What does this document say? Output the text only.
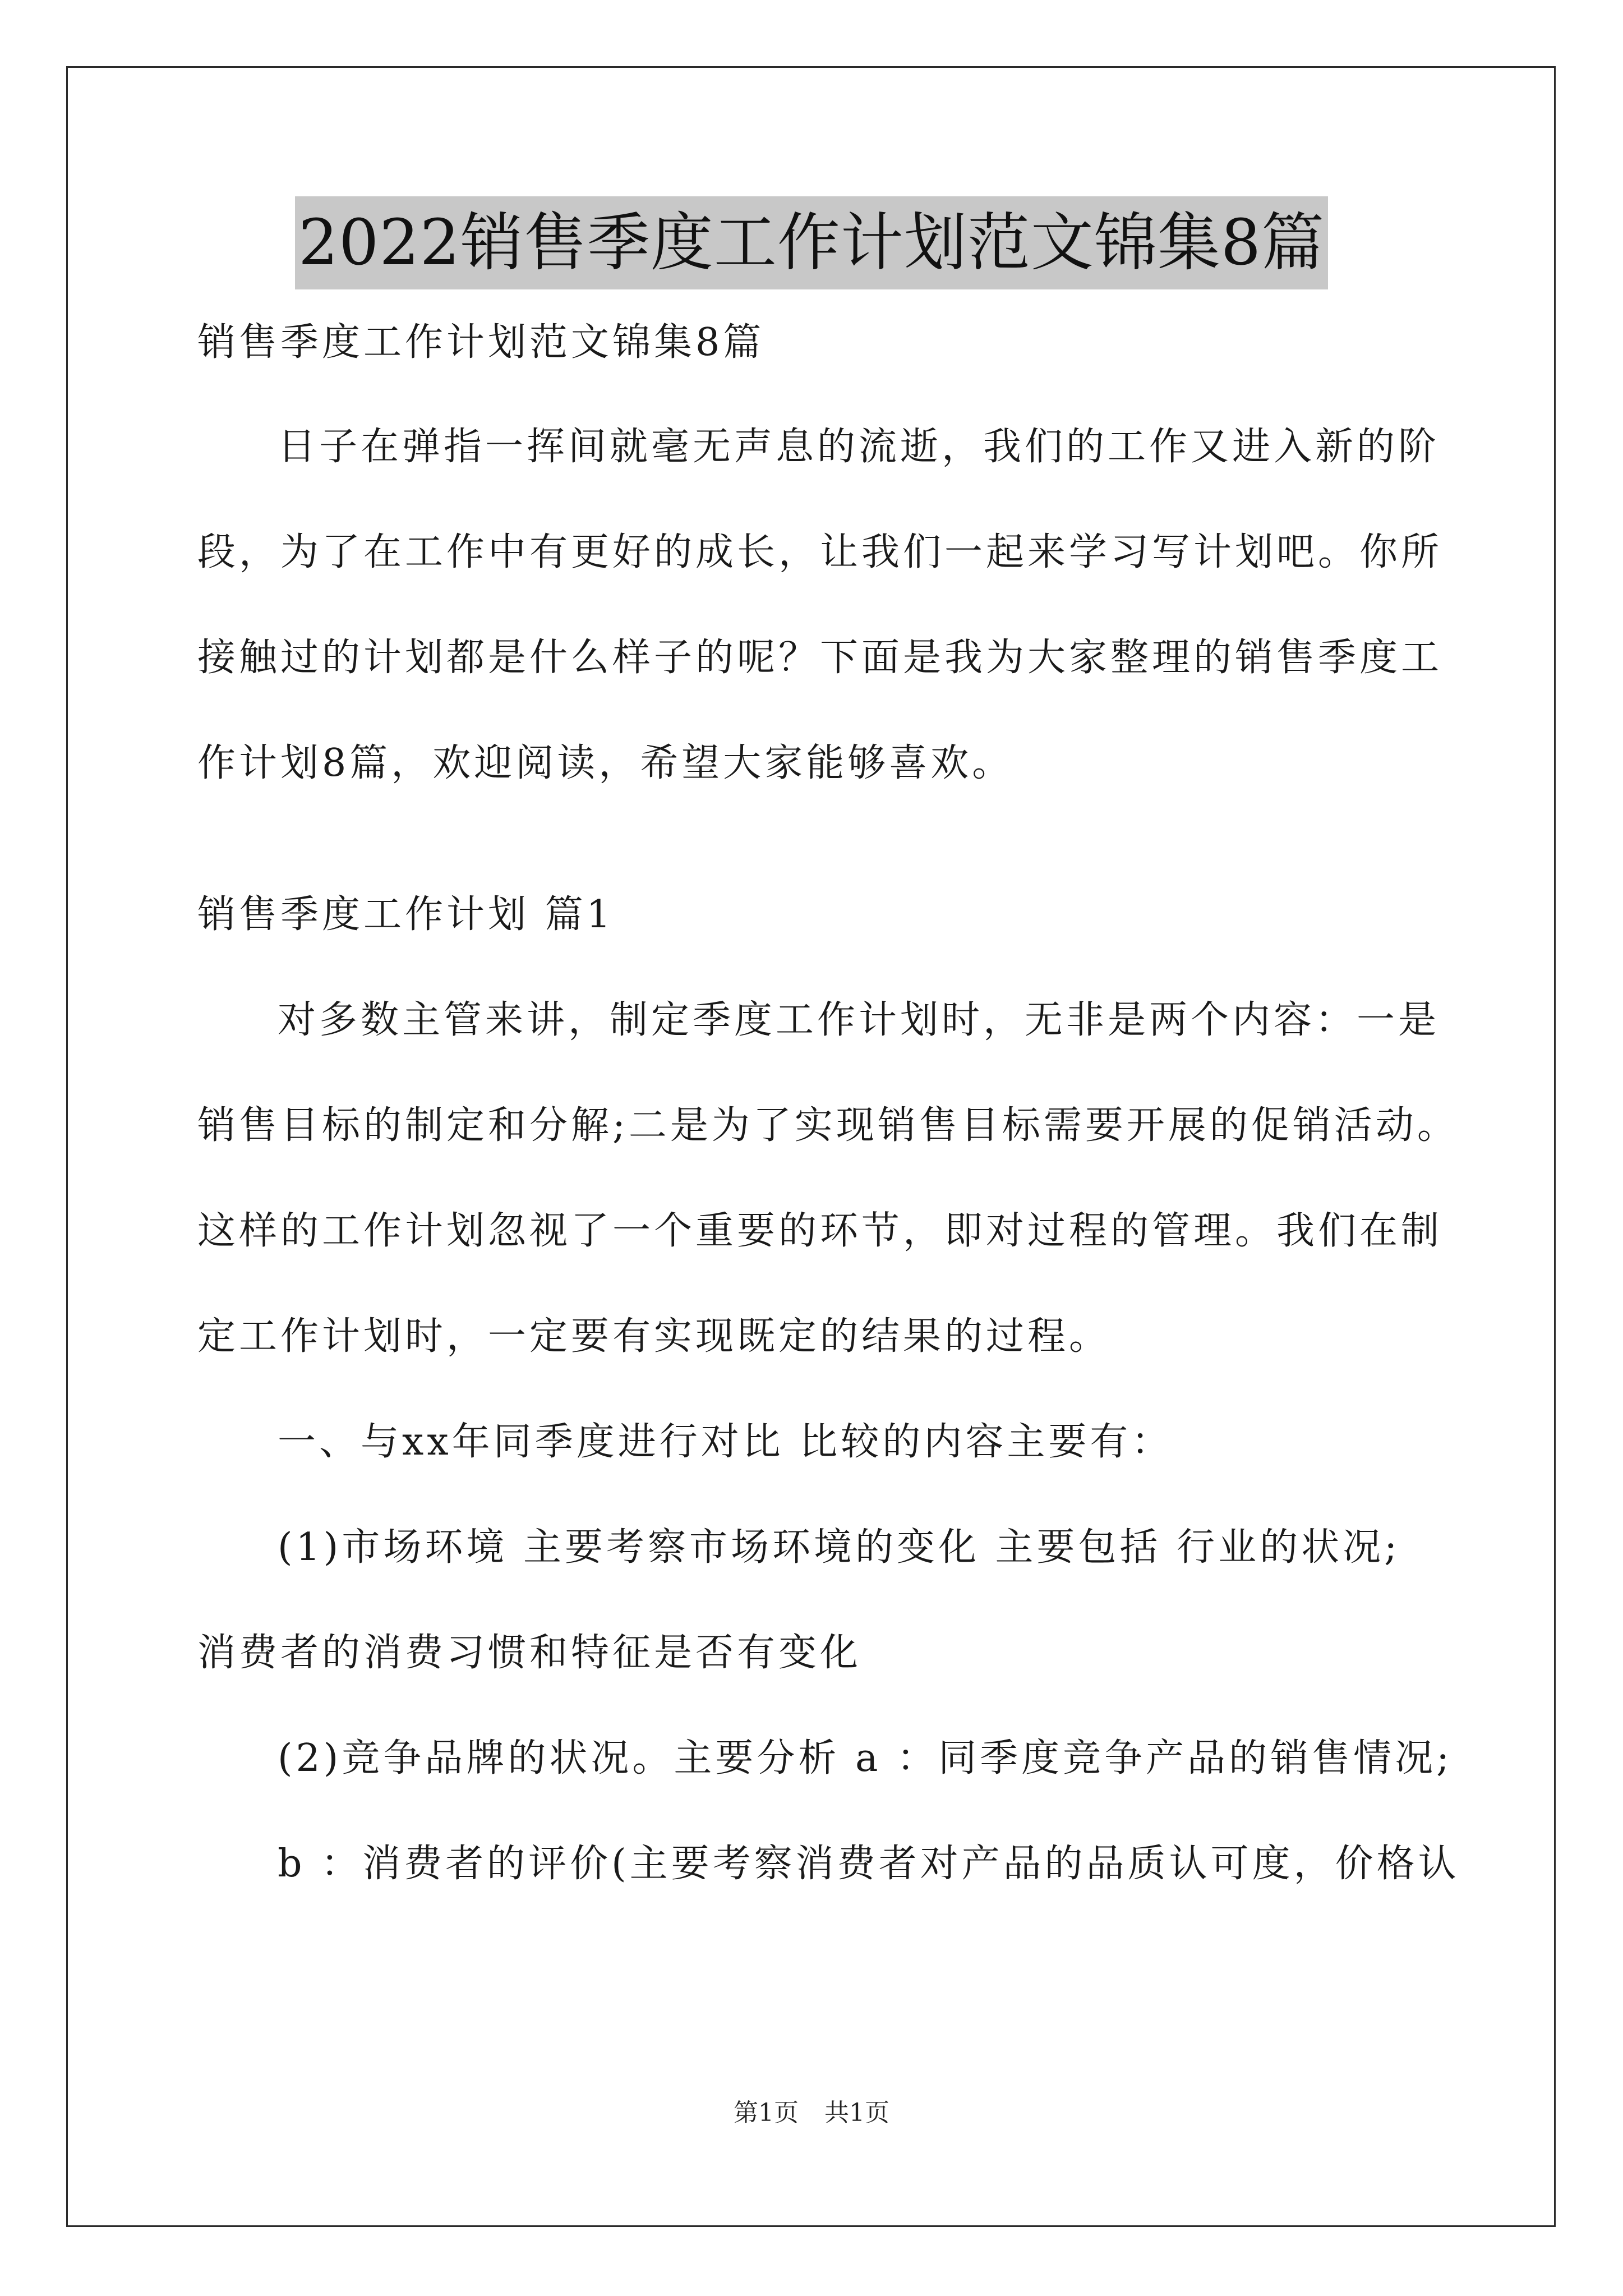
2022销售季度工作计划范文锦集8篇

销售季度工作计划范文锦集8篇

日子在弹指一挥间就毫无声息的流逝，我们的工作又进入新的阶

段，为了在工作中有更好的成长，让我们一起来学习写计划吧。你所

接触过的计划都是什么样子的呢？下面是我为大家整理的销售季度工

作计划8篇，欢迎阅读，希望大家能够喜欢。

销售季度工作计划 篇1

对多数主管来讲，制定季度工作计划时，无非是两个内容：一是

销售目标的制定和分解;二是为了实现销售目标需要开展的促销活动。

这样的工作计划忽视了一个重要的环节，即对过程的管理。我们在制

定工作计划时，一定要有实现既定的结果的过程。

一、与xx年同季度进行对比 比较的内容主要有：

(1)市场环境 主要考察市场环境的变化 主要包括 行业的状况;

消费者的消费习惯和特征是否有变化

(2)竞争品牌的状况。主要分析 a ：同季度竞争产品的销售情况;

b ：消费者的评价(主要考察消费者对产品的品质认可度，价格认

第1页 共1页
